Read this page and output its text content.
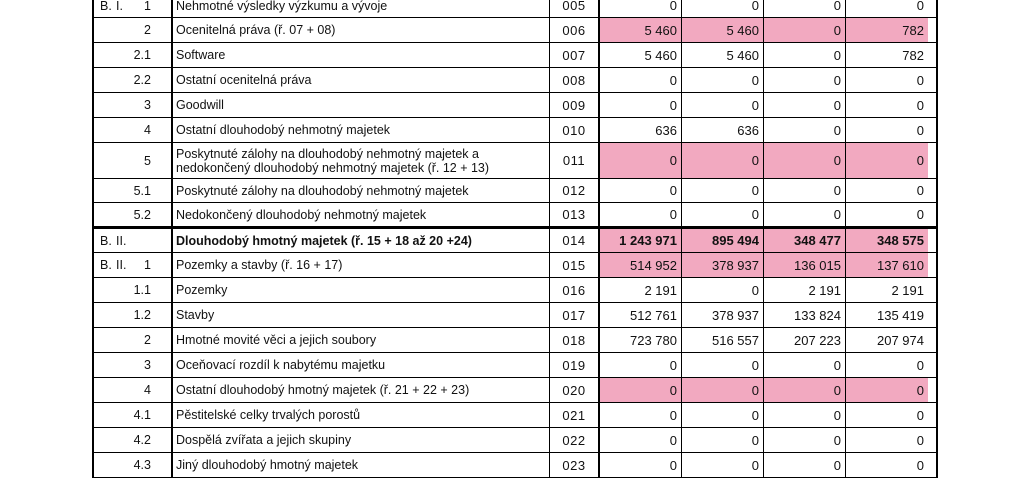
B. I. 1 Nehmotné výsledky výzkumu a vývoje	005	0	0	0	0
2 Ocenitelná práva (ř. 07 + 08)	006	5 460	5 460	0	782
2.1 Software	007	5 460	5 460	0	782
2.2 Ostatní ocenitelná práva	008	0	0	0	0
3 Goodwill	009	0	0	0	0
4 Ostatní dlouhodobý nehmotný majetek	010	636	636	0	0
5 Poskytnuté zálohy na dlouhodobý nehmotný majetek a nedokončený dlouhodobý nehmotný majetek (ř. 12 + 13)	011	0	0	0	0
5.1 Poskytnuté zálohy na dlouhodobý nehmotný majetek	012	0	0	0	0
5.2 Nedokončený dlouhodobý nehmotný majetek	013	0	0	0	0
B. II.	Dlouhodobý hmotný majetek (ř. 15 + 18 až 20 +24)	014	1 243 971	895 494	348 477	348 575
B. II. 1 Pozemky a stavby (ř. 16 + 17)	015	514 952	378 937	136 015	137 610
1.1 Pozemky	016	2 191	0	2 191	2 191
1.2 Stavby	017	512 761	378 937	133 824	135 419
2 Hmotné movité věci a jejich soubory	018	723 780	516 557	207 223	207 974
3 Oceňovací rozdíl k nabytému majetku	019	0	0	0	0
4 Ostatní dlouhodobý hmotný majetek (ř. 21 + 22 + 23)	020	0	0	0	0
4.1 Pěstitelské celky trvalých porostů	021	0	0	0	0
4.2 Dospělá zvířata a jejich skupiny	022	0	0	0	0
4.3 Jiný dlouhodobý hmotný majetek	023	0	0	0	0
